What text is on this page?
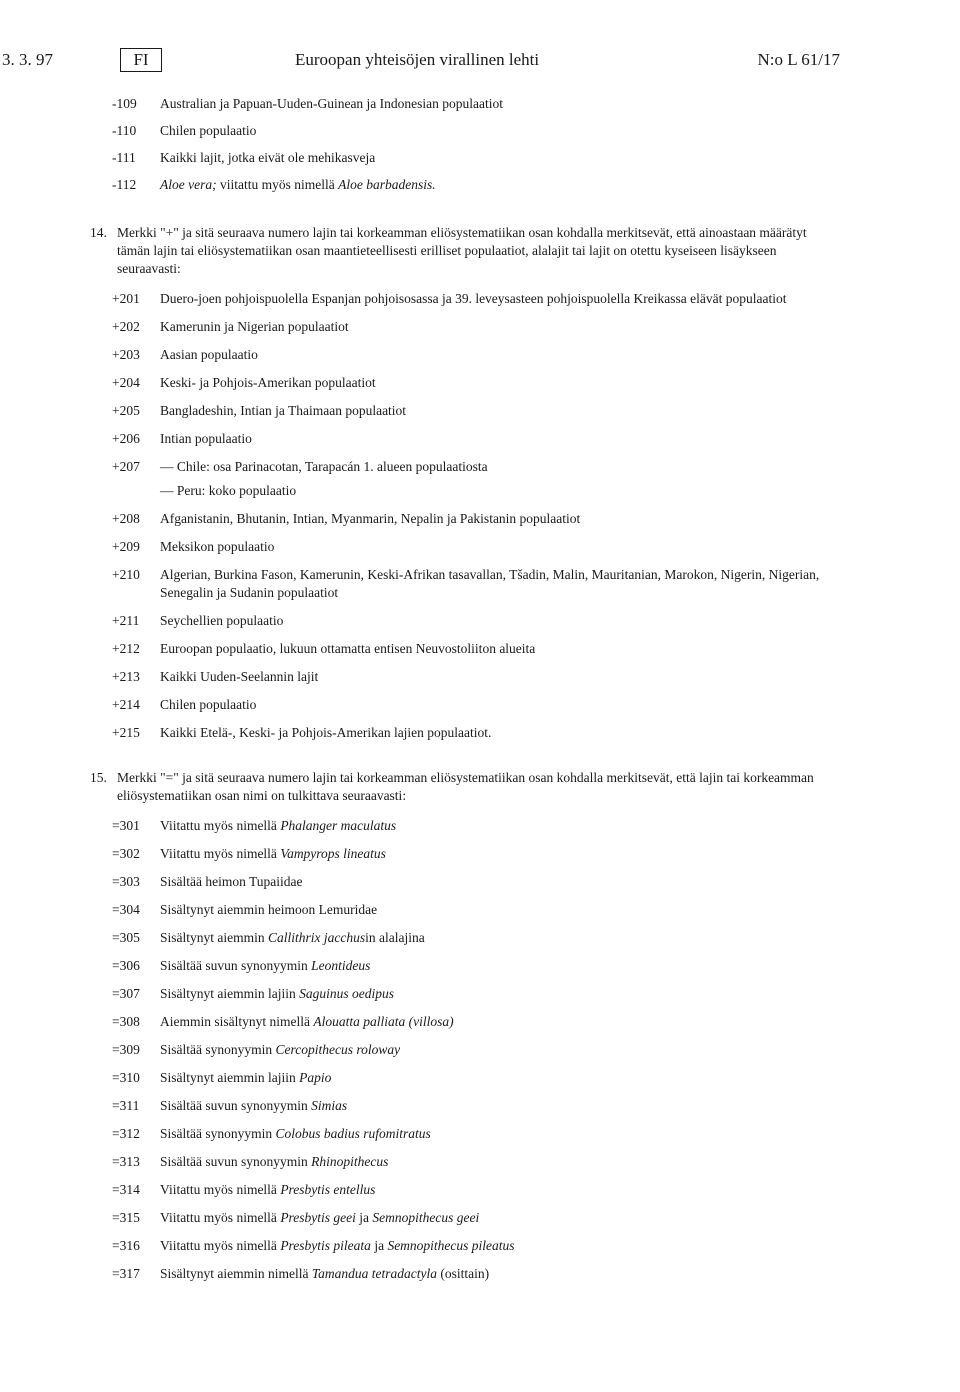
3. 3. 97	FI	Euroopan yhteisöjen virallinen lehti	N:o L 61/17
-109	Australian ja Papuan-Uuden-Guinean ja Indonesian populaatiot
-110	Chilen populaatio
-111	Kaikki lajit, jotka eivät ole mehikasveja
-112	Aloe vera; viitattu myös nimellä Aloe barbadensis.
14. Merkki "+" ja sitä seuraava numero lajin tai korkeamman eliösystematiikan osan kohdalla merkitsevät, että ainoastaan määrätyt tämän lajin tai eliösystematiikan osan maantieteellisesti erilliset populaatiot, alalajit tai lajit on otettu kyseiseen lisäykseen seuraavasti:
+201	Duero-joen pohjoispuolella Espanjan pohjoisosassa ja 39. leveysasteen pohjoispuolella Kreikassa elävät populaatiot
+202	Kamerunin ja Nigerian populaatiot
+203	Aasian populaatio
+204	Keski- ja Pohjois-Amerikan populaatiot
+205	Bangladeshin, Intian ja Thaimaan populaatiot
+206	Intian populaatio
+207	— Chile: osa Parinacotan, Tarapacán 1. alueen populaatiosta
— Peru: koko populaatio
+208	Afganistanin, Bhutanin, Intian, Myanmarin, Nepalin ja Pakistanin populaatiot
+209	Meksikon populaatio
+210	Algerian, Burkina Fason, Kamerunin, Keski-Afrikan tasavallan, Tšadin, Malin, Mauritanian, Marokon, Nigerin, Nigerian, Senegalin ja Sudanin populaatiot
+211	Seychellien populaatio
+212	Euroopan populaatio, lukuun ottamatta entisen Neuvostoliiton alueita
+213	Kaikki Uuden-Seelannin lajit
+214	Chilen populaatio
+215	Kaikki Etelä-, Keski- ja Pohjois-Amerikan lajien populaatiot.
15. Merkki "=" ja sitä seuraava numero lajin tai korkeamman eliösystematiikan osan kohdalla merkitsevät, että lajin tai korkeamman eliösystematiikan osan nimi on tulkittava seuraavasti:
=301	Viitattu myös nimellä Phalanger maculatus
=302	Viitattu myös nimellä Vampyrops lineatus
=303	Sisältää heimon Tupaiidae
=304	Sisältynyt aiemmin heimoon Lemuridae
=305	Sisältynyt aiemmin Callithrix jacchusin alalajina
=306	Sisältää suvun synonyymin Leontideus
=307	Sisältynyt aiemmin lajiin Saguinus oedipus
=308	Aiemmin sisältynyt nimellä Alouatta palliata (villosa)
=309	Sisältää synonyymin Cercopithecus roloway
=310	Sisältynyt aiemmin lajiin Papio
=311	Sisältää suvun synonyymin Simias
=312	Sisältää synonyymin Colobus badius rufomitratus
=313	Sisältää suvun synonyymin Rhinopithecus
=314	Viitattu myös nimellä Presbytis entellus
=315	Viitattu myös nimellä Presbytis geei ja Semnopithecus geei
=316	Viitattu myös nimellä Presbytis pileata ja Semnopithecus pileatus
=317	Sisältynyt aiemmin nimellä Tamandua tetradactyla (osittain)
